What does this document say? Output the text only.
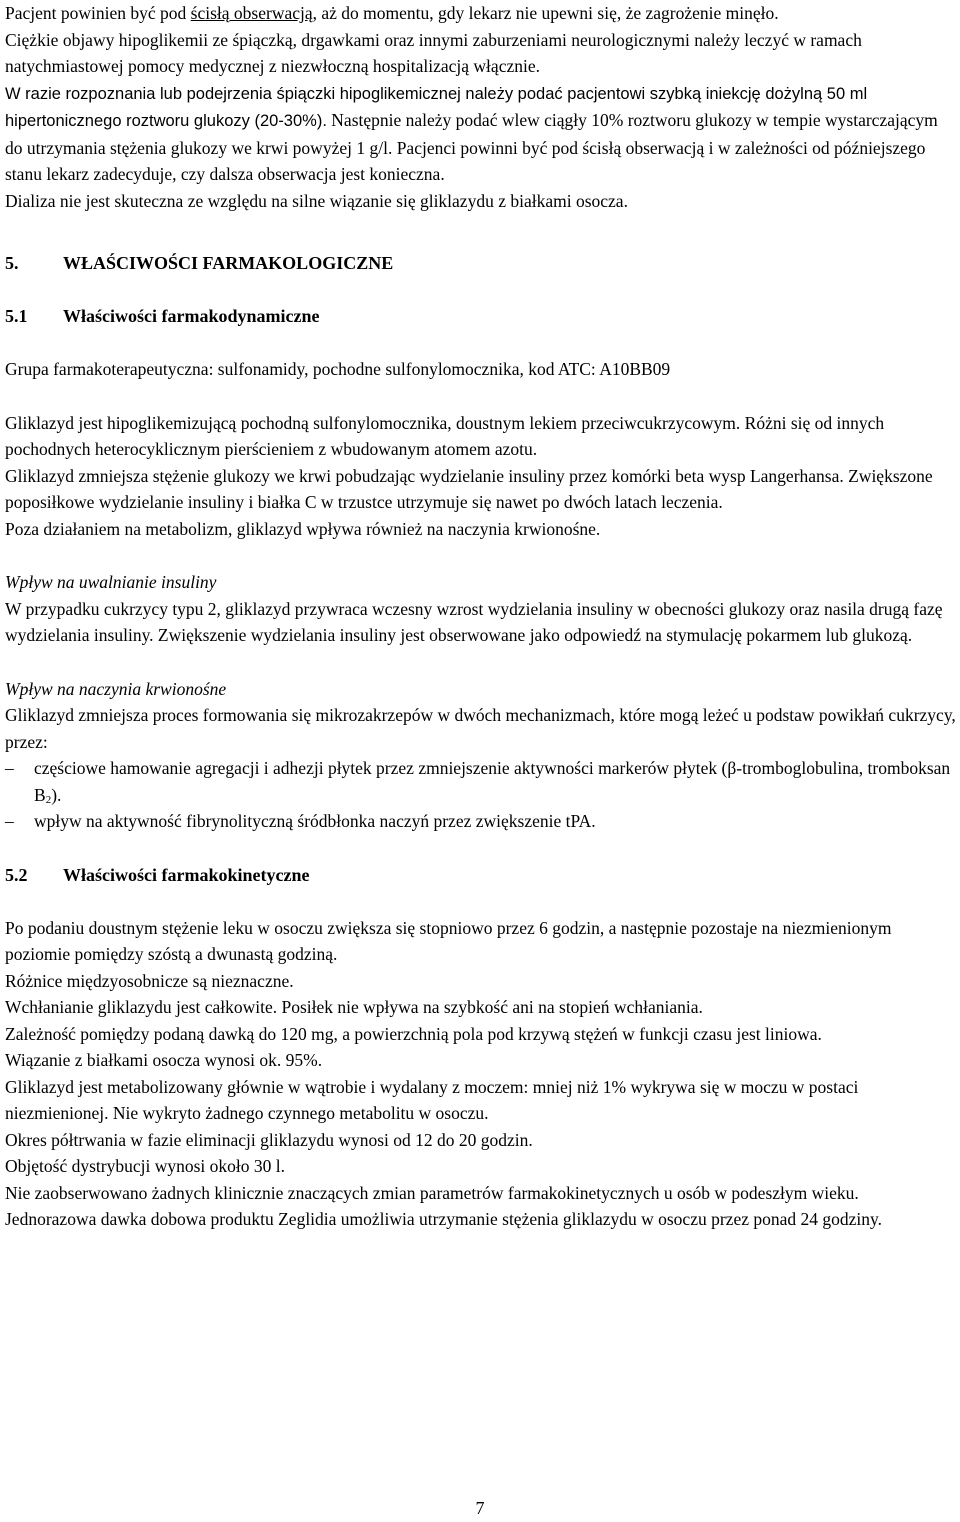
Pacjent powinien być pod ścisłą obserwacją, aż do momentu, gdy lekarz nie upewni się, że zagrożenie minęło.

Ciężkie objawy hipoglikemii ze śpiączką, drgawkami oraz innymi zaburzeniami neurologicznymi należy leczyć w ramach natychmiastowej pomocy medycznej z niezwłoczną hospitalizacją włącznie.

W razie rozpoznania lub podejrzenia śpiączki hipoglikemicznej należy podać pacjentowi szybką iniekcję dożylną 50 ml hipertonicznego roztworu glukozy (20-30%). Następnie należy podać wlew ciągły 10% roztworu glukozy w tempie wystarczającym do utrzymania stężenia glukozy we krwi powyżej 1 g/l. Pacjenci powinni być pod ścisłą obserwacją i w zależności od późniejszego stanu lekarz zadecyduje, czy dalsza obserwacja jest konieczna.

Dializa nie jest skuteczna ze względu na silne wiązanie się gliklazydu z białkami osocza.

5. WŁAŚCIWOŚCI FARMAKOLOGICZNE

5.1 Właściwości farmakodynamiczne

Grupa farmakoterapeutyczna: sulfonamidy, pochodne sulfonylomocznika, kod ATC: A10BB09

Gliklazyd jest hipoglikemizującą pochodną sulfonylomocznika, doustnym lekiem przeciwcukrzycowym. Różni się od innych pochodnych heterocyklicznym pierścieniem z wbudowanym atomem azotu.

Gliklazyd zmniejsza stężenie glukozy we krwi pobudzając wydzielanie insuliny przez komórki beta wysp Langerhansa. Zwiększone poposiłkowe wydzielanie insuliny i białka C w trzustce utrzymuje się nawet po dwóch latach leczenia.

Poza działaniem na metabolizm, gliklazyd wpływa również na naczynia krwionośne.

Wpływ na uwalnianie insuliny

W przypadku cukrzycy typu 2, gliklazyd przywraca wczesny wzrost wydzielania insuliny w obecności glukozy oraz nasila drugą fazę wydzielania insuliny. Zwiększenie wydzielania insuliny jest obserwowane jako odpowiedź na stymulację pokarmem lub glukozą.

Wpływ na naczynia krwionośne

Gliklazyd zmniejsza proces formowania się mikrozakrzepów w dwóch mechanizmach, które mogą leżeć u podstaw powikłań cukrzycy, przez:

– częściowe hamowanie agregacji i adhezji płytek przez zmniejszenie aktywności markerów płytek (β-tromboglobulina, tromboksan $B_2$).
– wpływ na aktywność fibrynolityczną śródbłonka naczyń przez zwiększenie tPA.

5.2 Właściwości farmakokinetyczne

Po podaniu doustnym stężenie leku w osoczu zwiększa się stopniowo przez 6 godzin, a następnie pozostaje na niezmienionym poziomie pomiędzy szóstą a dwunastą godziną.

Różnice międzyosobnicze są nieznaczne.

Wchłanianie gliklazydu jest całkowite. Posiłek nie wpływa na szybkość ani na stopień wchłaniania.

Zależność pomiędzy podaną dawką do 120 mg, a powierzchnią pola pod krzywą stężeń w funkcji czasu jest liniowa.

Wiązanie z białkami osocza wynosi ok. 95%.

Gliklazyd jest metabolizowany głównie w wątrobie i wydalany z moczem: mniej niż 1% wykrywa się w moczu w postaci niezmienionej. Nie wykryto żadnego czynnego metabolitu w osoczu.

Okres półtrwania w fazie eliminacji gliklazydu wynosi od 12 do 20 godzin.

Objętość dystrybucji wynosi około 30 l.

Nie zaobserwowano żadnych klinicznie znaczących zmian parametrów farmakokinetycznych u osób w podeszłym wieku.

Jednorazowa dawka dobowa produktu Zeglidia umożliwia utrzymanie stężenia gliklazydu w osoczu przez ponad 24 godziny.

7
